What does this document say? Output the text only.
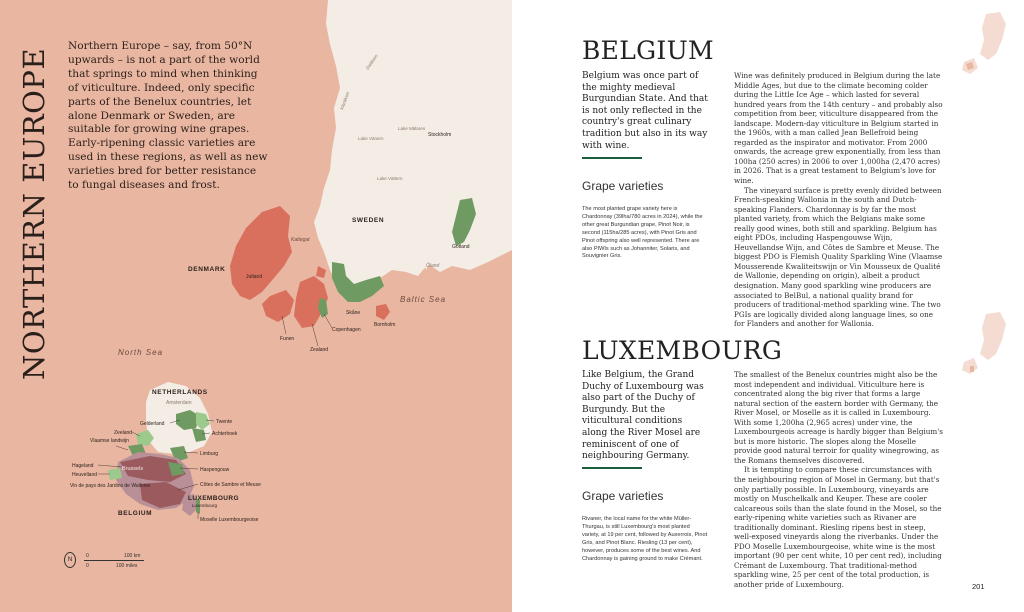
DENMARK
SWEDEN
NETHERLANDS
BELGIUM
LUXEMBOURG
North Sea
Baltic Sea
Kattegat
Dalälven
Klarälven
Lake Mälaren
Stockholm
Lake Vänern
Lake Vättern
Öland
Gotland
Skåne
Bornholm
Jutland
Funen
Zealand
Copenhagen
Amsterdam
Brussels
Luxembourg
Gelderland	Twente
Achterhoek
Zeeland
Vlaamse landwijn
Limburg
Hageland
Heuvelland
Haspengouw
Côtes de Sambre et Meuse
Vin de pays des Jardins de Wallonie
Moselle Luxembourgeoise
NORTHERN EUROPE
Northern Europe – say, from 50°N upwards – is not a part of the world that springs to mind when thinking of viticulture. Indeed, only specific parts of the Benelux countries, let alone Denmark or Sweden, are suitable for growing wine grapes. Early-ripening classic varieties are used in these regions, as well as new varieties bred for better resistance to fungal diseases and frost.
N
0	100 km
0	100 miles
BELGIUM
Belgium was once part of the mighty medieval Burgundian State. And that is not only reflected in the country's great culinary tradition but also in its way with wine.
Grape varieties
The most planted grape variety here is Chardonnay (39lha/780 acres in 2024), while the other great Burgundian grape, Pinot Noir, is second (115ha/285 acres), with Pinot Gris and Pinot offspring also well represented. There are also PIWIs such as Johanniter, Solaris, and Souvignier Gris.

Wine was definitely produced in Belgium during the late Middle Ages, but due to the climate becoming colder during the Little Ice Age – which lasted for several hundred years from the 14th century – and probably also competition from beer, viticulture disappeared from the landscape. Modern-day viticulture in Belgium started in the 1960s, with a man called Jean Bellefroid being regarded as the inspirator and motivator. From 2000 onwards, the acreage grew exponentially, from less than 100ha (250 acres) in 2006 to over 1,000ha (2,470 acres) in 2026. That is a great testament to Belgium's love for wine.

The vineyard surface is pretty evenly divided between French-speaking Wallonia in the south and Dutch-speaking Flanders. Chardonnay is by far the most planted variety, from which the Belgians make some really good wines, both still and sparkling. Belgium has eight PDOs, including Haspengouwse Wijn, Heuvellandse Wijn, and Côtes de Sambre et Meuse. The biggest PDO is Flemish Quality Sparkling Wine (Vlaamse Mousserende Kwaliteitswijn or Vin Mousseux de Qualité de Wallonie, depending on origin), albeit a product designation. Many good sparkling wine producers are associated to BelBul, a national quality brand for producers of traditional-method sparkling wine. The two PGIs are logically divided along language lines, so one for Flanders and another for Wallonia.

LUXEMBOURG
Like Belgium, the Grand Duchy of Luxembourg was also part of the Duchy of Burgundy. But the viticultural conditions along the River Mosel are reminiscent of one of neighbouring Germany.
Grape varieties
Rivaner, the local name for the white Müller-Thurgau, is still Luxembourg's most planted variety, at 19 per cent, followed by Auxerrois, Pinot Gris, and Pinot Blanc. Riesling (13 per cent), however, produces some of the best wines. And Chardonnay is gaining ground to make Crémant.

The smallest of the Benelux countries might also be the most independent and individual. Viticulture here is concentrated along the big river that forms a large natural section of the eastern border with Germany, the River Mosel, or Moselle as it is called in Luxembourg. With some 1,200ha (2,965 acres) under vine, the Luxembourgeois acreage is hardly bigger than Belgium's but is more historic. The slopes along the Moselle provide good natural terroir for quality winegrowing, as the Romans themselves discovered.

It is tempting to compare these circumstances with the neighbouring region of Mosel in Germany, but that's only partially possible. In Luxembourg, vineyards are mostly on Muschelkalk and Keuper. These are cooler calcareous soils than the slate found in the Mosel, so the early-ripening white varieties such as Rivaner are traditionally dominant. Riesling ripens best in steep, well-exposed vineyards along the riverbanks. Under the PDO Moselle Luxembourgeoise, white wine is the most important (90 per cent white, 10 per cent red), including Crémant de Luxembourg. That traditional-method sparkling wine, 25 per cent of the total production, is another pride of Luxembourg.	201
